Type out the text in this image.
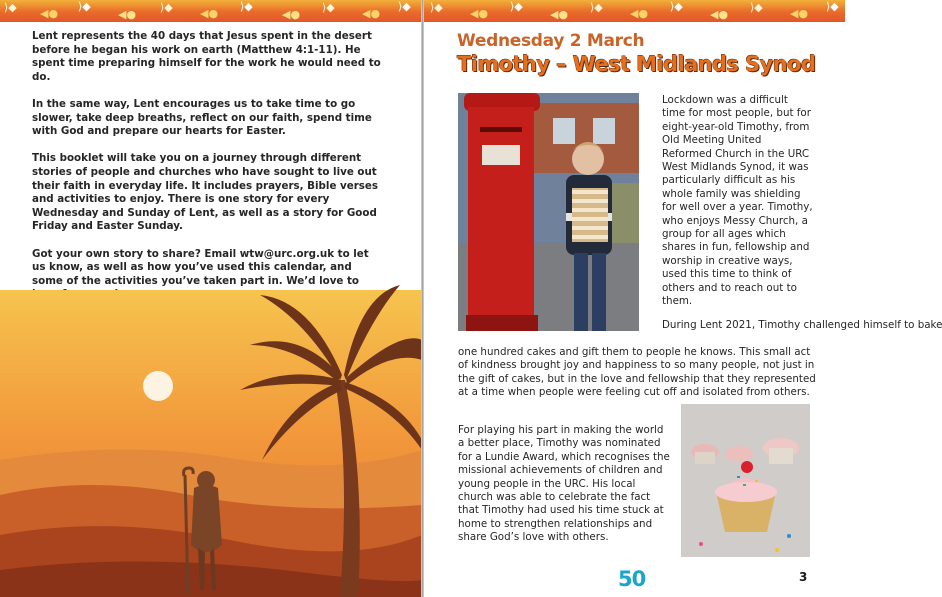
⟩◆ ◀●
⟩◆
◀●
⟩◆ ◀●
⟩◆
◀●
⟩◆ ◀●
⟩◆

Lent represents the 40 days that Jesus spent in the desert before he began his work on earth (Matthew 4:1-11). He spent time preparing himself for the work he would need to do.

In the same way, Lent encourages us to take time to go slower, take deep breaths, reflect on our faith, spend time with God and prepare our hearts for Easter.

This booklet will take you on a journey through different stories of people and churches who have sought to live out their faith in everyday life. It includes prayers, Bible verses and activities to enjoy. There is one story for every Wednesday and Sunday of Lent, as well as a story for Good Friday and Easter Sunday.

Got your own story to share? Email wtw@urc.org.uk to let us know, as well as how you’ve used this calendar, and some of the activities you’ve taken part in. We’d love to

⟩◆ ◀●
⟩◆
◀●
⟩◆ ◀●
⟩◆
◀●
⟩◆ ◀●
⟩◆
Wednesday 2 March
Timothy – West Midlands Synod
Lockdown was a difficult time for most people, but for eight-year-old Timothy, from Old Meeting United Reformed Church in the URC West Midlands Synod, it was particularly difficult as his whole family was shielding for well over a year. Timothy, who enjoys Messy Church, a group for all ages which shares in fun, fellowship and worship in creative ways, used this time to think of others and to reach out to them.
During Lent 2021, Timothy challenged himself to bake
one hundred cakes and gift them to people he knows. This small act of kindness brought joy and happiness to so many people, not just in the gift of cakes, but in the love and fellowship that they represented at a time when people were feeling cut off and isolated from others.
For playing his part in making the world a better place, Timothy was nominated for a Lundie Award, which recognises the missional achievements of children and young people in the URC. His local church was able to celebrate the fact that Timothy had used his time stuck at home to strengthen relationships and share God’s love with others.
50	3
